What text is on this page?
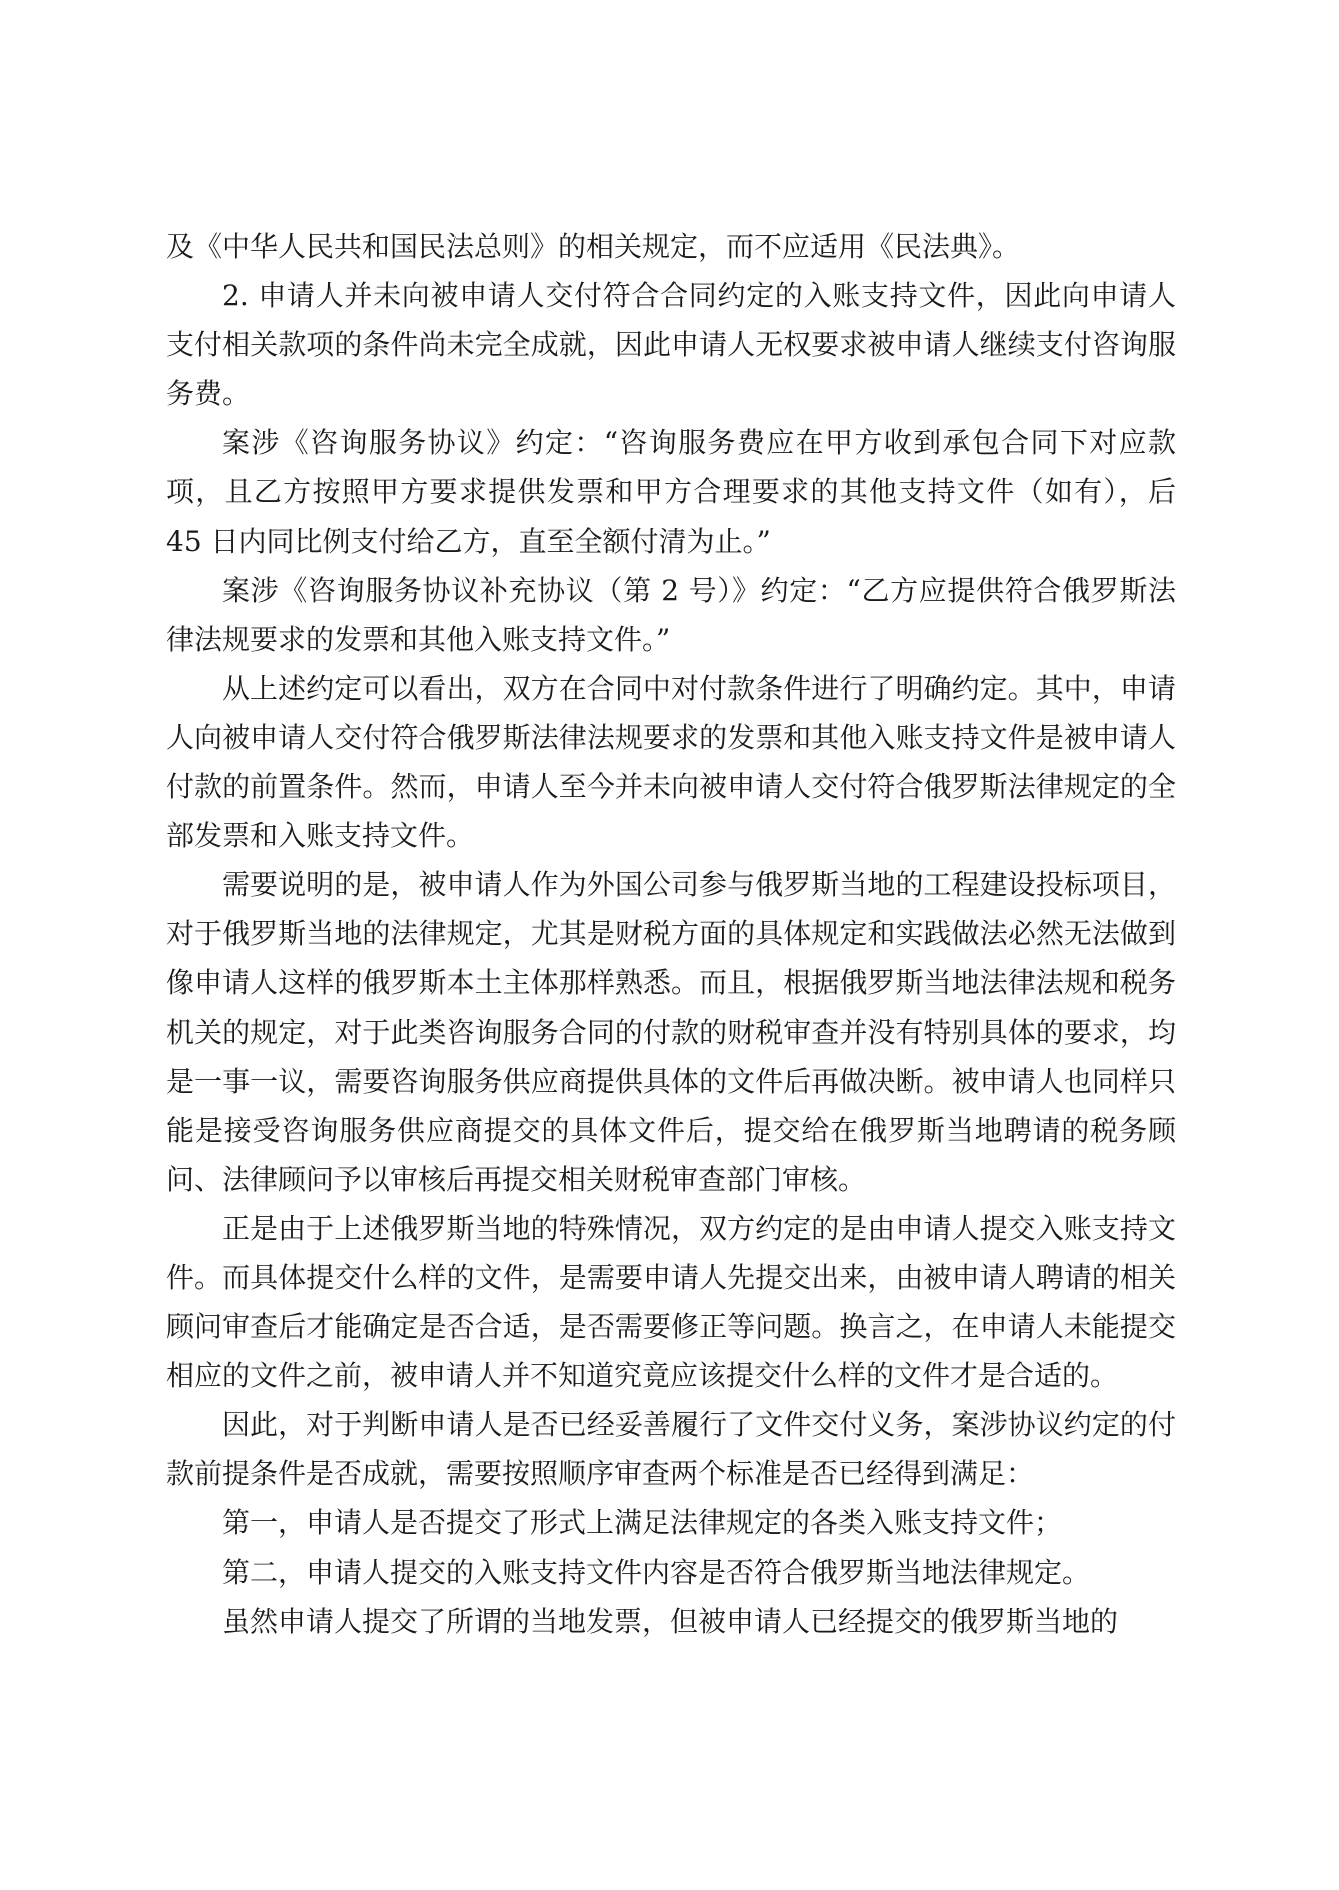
及《中华人民共和国民法总则》的相关规定，而不应适用《民法典》。

2. 申请人并未向被申请人交付符合合同约定的入账支持文件，因此向申请人支付相关款项的条件尚未完全成就，因此申请人无权要求被申请人继续支付咨询服务费。

案涉《咨询服务协议》约定：“咨询服务费应在甲方收到承包合同下对应款项，且乙方按照甲方要求提供发票和甲方合理要求的其他支持文件（如有），后 45 日内同比例支付给乙方，直至全额付清为止。”

案涉《咨询服务协议补充协议（第 2 号）》约定：“乙方应提供符合俄罗斯法律法规要求的发票和其他入账支持文件。”

从上述约定可以看出，双方在合同中对付款条件进行了明确约定。其中，申请人向被申请人交付符合俄罗斯法律法规要求的发票和其他入账支持文件是被申请人付款的前置条件。然而，申请人至今并未向被申请人交付符合俄罗斯法律规定的全部发票和入账支持文件。

需要说明的是，被申请人作为外国公司参与俄罗斯当地的工程建设投标项目，对于俄罗斯当地的法律规定，尤其是财税方面的具体规定和实践做法必然无法做到像申请人这样的俄罗斯本土主体那样熟悉。而且，根据俄罗斯当地法律法规和税务机关的规定，对于此类咨询服务合同的付款的财税审查并没有特别具体的要求，均是一事一议，需要咨询服务供应商提供具体的文件后再做决断。被申请人也同样只能是接受咨询服务供应商提交的具体文件后，提交给在俄罗斯当地聘请的税务顾问、法律顾问予以审核后再提交相关财税审查部门审核。

正是由于上述俄罗斯当地的特殊情况，双方约定的是由申请人提交入账支持文件。而具体提交什么样的文件，是需要申请人先提交出来，由被申请人聘请的相关顾问审查后才能确定是否合适，是否需要修正等问题。换言之，在申请人未能提交相应的文件之前，被申请人并不知道究竟应该提交什么样的文件才是合适的。

因此，对于判断申请人是否已经妥善履行了文件交付义务，案涉协议约定的付款前提条件是否成就，需要按照顺序审查两个标准是否已经得到满足：

第一，申请人是否提交了形式上满足法律规定的各类入账支持文件；

第二，申请人提交的入账支持文件内容是否符合俄罗斯当地法律规定。

虽然申请人提交了所谓的当地发票，但被申请人已经提交的俄罗斯当地的
